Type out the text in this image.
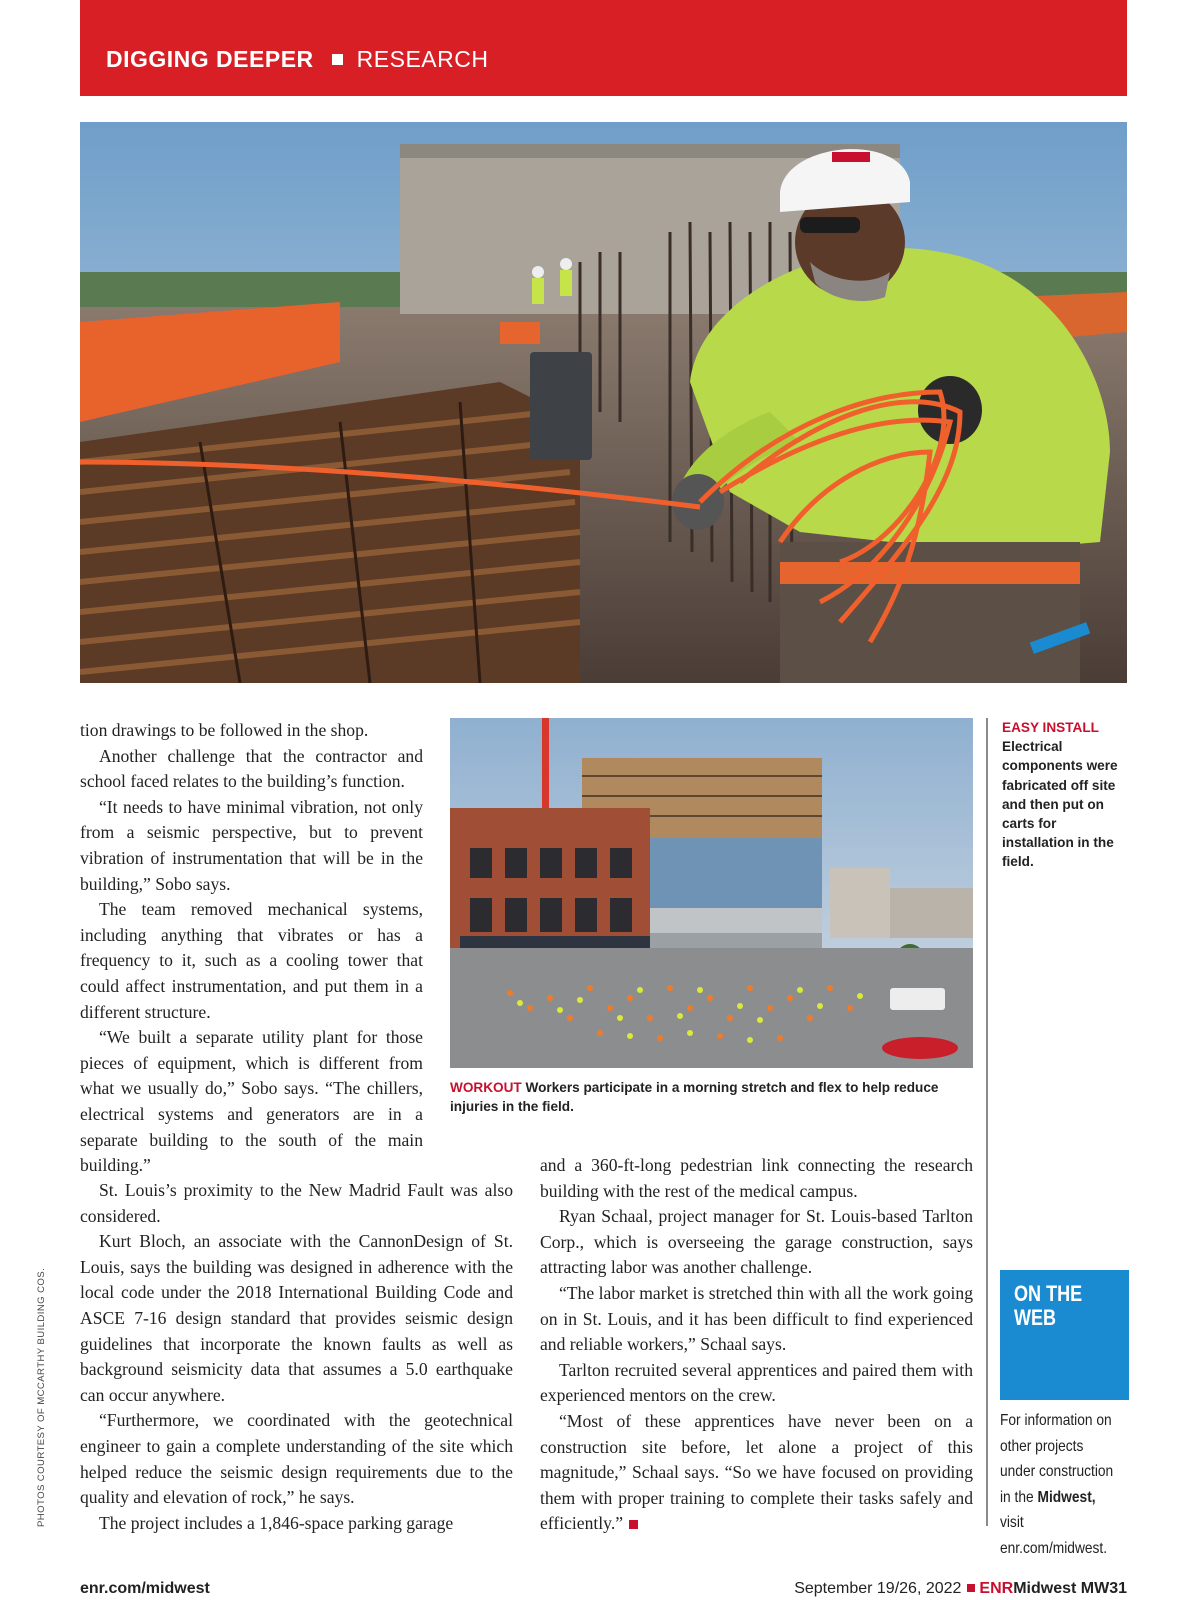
DIGGING DEEPER RESEARCH

tion drawings to be followed in the shop.

Another challenge that the contractor and school faced relates to the building’s function.

“It needs to have minimal vibration, not only from a seismic perspective, but to prevent vibration of instrumentation that will be in the building,” Sobo says.

The team removed mechanical systems, including anything that vibrates or has a frequency to it, such as a cooling tower that could affect instrumentation, and put them in a different structure.

“We built a separate utility plant for those pieces of equipment, which is different from what we usually do,” Sobo says. “The chillers, electrical systems and generators are in a separate building to the south of the main building.”

St. Louis’s proximity to the New Madrid Fault was also considered.

Kurt Bloch, an associate with the CannonDesign of St. Louis, says the building was designed in adherence with the local code under the 2018 International Building Code and ASCE 7-16 design standard that provides seismic design guidelines that incorporate the known faults as well as background seismicity data that assumes a 5.0 earthquake can occur anywhere.

“Furthermore, we coordinated with the geotechnical engineer to gain a complete understanding of the site which helped reduce the seismic design requirements due to the quality and elevation of rock,” he says.

The project includes a 1,846-space parking garage

WORKOUT Workers participate in a morning stretch and flex to help reduce injuries in the field.

and a 360-ft-long pedestrian link connecting the research building with the rest of the medical campus.

Ryan Schaal, project manager for St. Louis-based Tarlton Corp., which is overseeing the garage construction, says attracting labor was another challenge.

“The labor market is stretched thin with all the work going on in St. Louis, and it has been difficult to find experienced and reliable workers,” Schaal says.

Tarlton recruited several apprentices and paired them with experienced mentors on the crew.

“Most of these apprentices have never been on a construction site before, let alone a project of this magnitude,” Schaal says. “So we have focused on providing them with proper training to complete their tasks safely and efficiently.”

EASY INSTALL
Electrical components were fabricated off site and then put on carts for installation in the field.
ON THE WEB
For information on other projects under construction in the Midwest, visit enr.com/midwest.
PHOTOS COURTESY OF MCCARTHY BUILDING COS.
enr.com/midwest	September 19/26, 2022 ENRMidwest MW31
